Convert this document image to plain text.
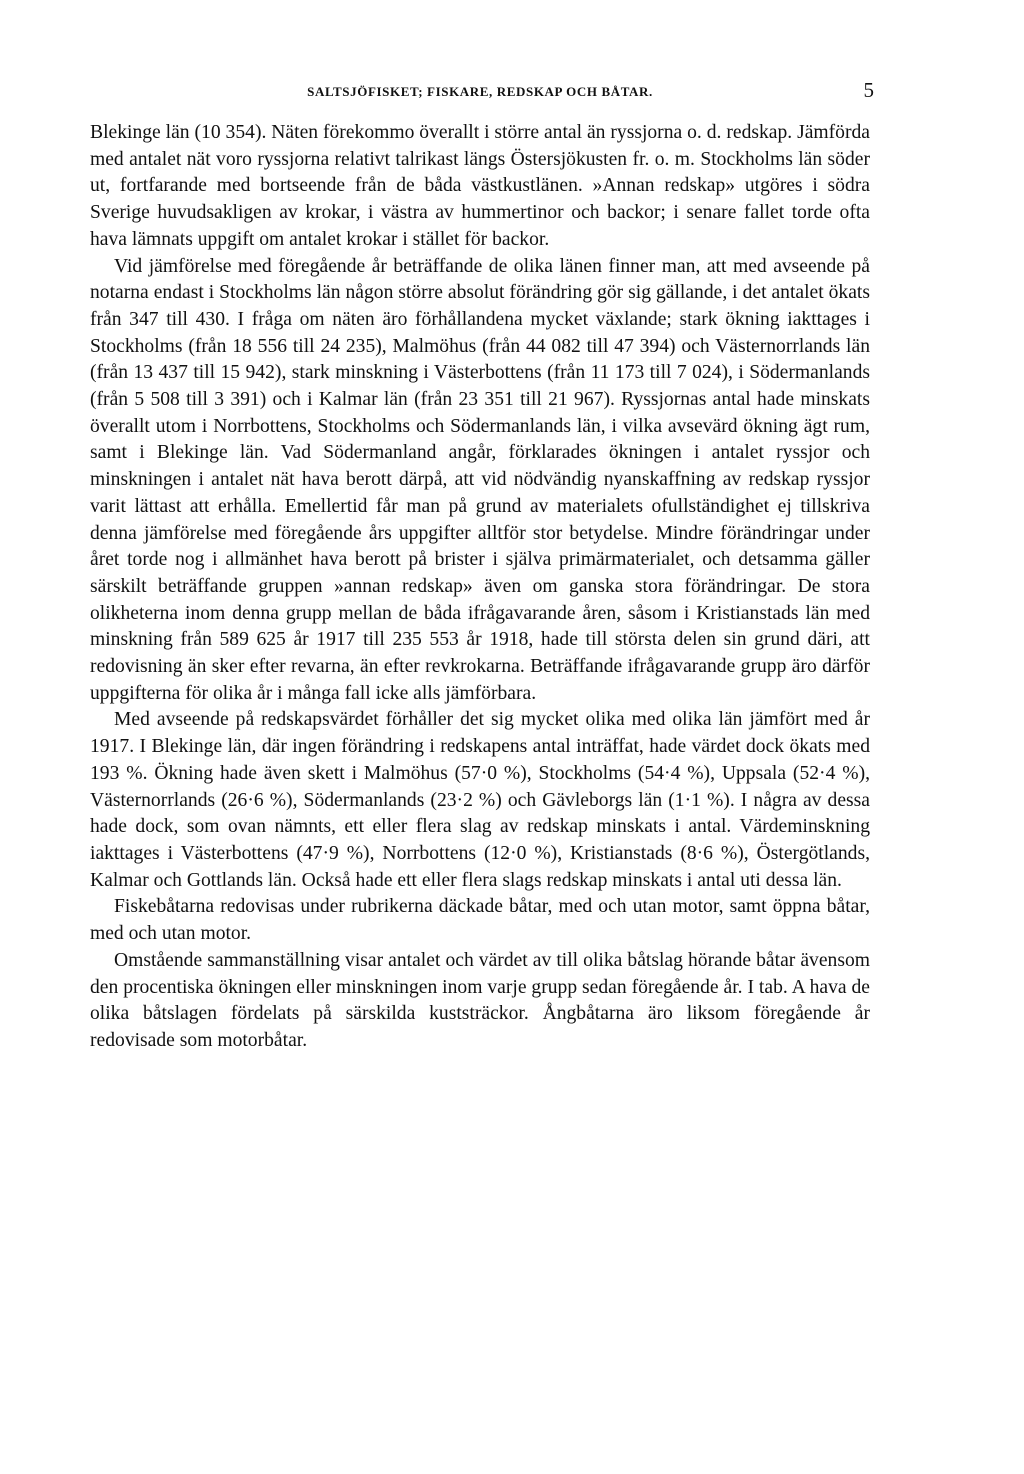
SALTSJÖFISKET; FISKARE, REDSKAP OCH BÅTAR.	5

Blekinge län (10 354). Näten förekommo överallt i större antal än ryssjorna o. d. redskap. Jämförda med antalet nät voro ryssjorna relativt talrikast längs Östersjökusten fr. o. m. Stockholms län söder ut, fortfarande med bortseende från de båda västkustlänen. »Annan redskap» utgöres i södra Sverige huvudsakligen av krokar, i västra av hummertinor och backor; i senare fallet torde ofta hava lämnats uppgift om antalet krokar i stället för backor.

Vid jämförelse med föregående år beträffande de olika länen finner man, att med avseende på notarna endast i Stockholms län någon större absolut förändring gör sig gällande, i det antalet ökats från 347 till 430. I fråga om näten äro förhållandena mycket växlande; stark ökning iakttages i Stockholms (från 18 556 till 24 235), Malmöhus (från 44 082 till 47 394) och Västernorrlands län (från 13 437 till 15 942), stark minskning i Västerbottens (från 11 173 till 7 024), i Södermanlands (från 5 508 till 3 391) och i Kalmar län (från 23 351 till 21 967). Ryssjornas antal hade minskats överallt utom i Norrbottens, Stockholms och Södermanlands län, i vilka avsevärd ökning ägt rum, samt i Blekinge län. Vad Södermanland angår, förklarades ökningen i antalet ryssjor och minskningen i antalet nät hava berott därpå, att vid nödvändig nyanskaffning av redskap ryssjor varit lättast att erhålla. Emellertid får man på grund av materialets ofullständighet ej tillskriva denna jämförelse med föregående års uppgifter alltför stor betydelse. Mindre förändringar under året torde nog i allmänhet hava berott på brister i själva primärmaterialet, och detsamma gäller särskilt beträffande gruppen »annan redskap» även om ganska stora förändringar. De stora olikheterna inom denna grupp mellan de båda ifrågavarande åren, såsom i Kristianstads län med minskning från 589 625 år 1917 till 235 553 år 1918, hade till största delen sin grund däri, att redovisning än sker efter revarna, än efter revkrokarna. Beträffande ifrågavarande grupp äro därför uppgifterna för olika år i många fall icke alls jämförbara.

Med avseende på redskapsvärdet förhåller det sig mycket olika med olika län jämfört med år 1917. I Blekinge län, där ingen förändring i redskapens antal inträffat, hade värdet dock ökats med 193 %. Ökning hade även skett i Malmöhus (57·0 %), Stockholms (54·4 %), Uppsala (52·4 %), Västernorrlands (26·6 %), Södermanlands (23·2 %) och Gävleborgs län (1·1 %). I några av dessa hade dock, som ovan nämnts, ett eller flera slag av redskap minskats i antal. Värdeminskning iakttages i Västerbottens (47·9 %), Norrbottens (12·0 %), Kristianstads (8·6 %), Östergötlands, Kalmar och Gottlands län. Också hade ett eller flera slags redskap minskats i antal uti dessa län.

Fiskebåtarna redovisas under rubrikerna däckade båtar, med och utan motor, samt öppna båtar, med och utan motor.

Omstående sammanställning visar antalet och värdet av till olika båtslag hörande båtar ävensom den procentiska ökningen eller minskningen inom varje grupp sedan föregående år. I tab. A hava de olika båtslagen fördelats på särskilda kuststräckor. Ångbåtarna äro liksom föregående år redovisade som motorbåtar.
